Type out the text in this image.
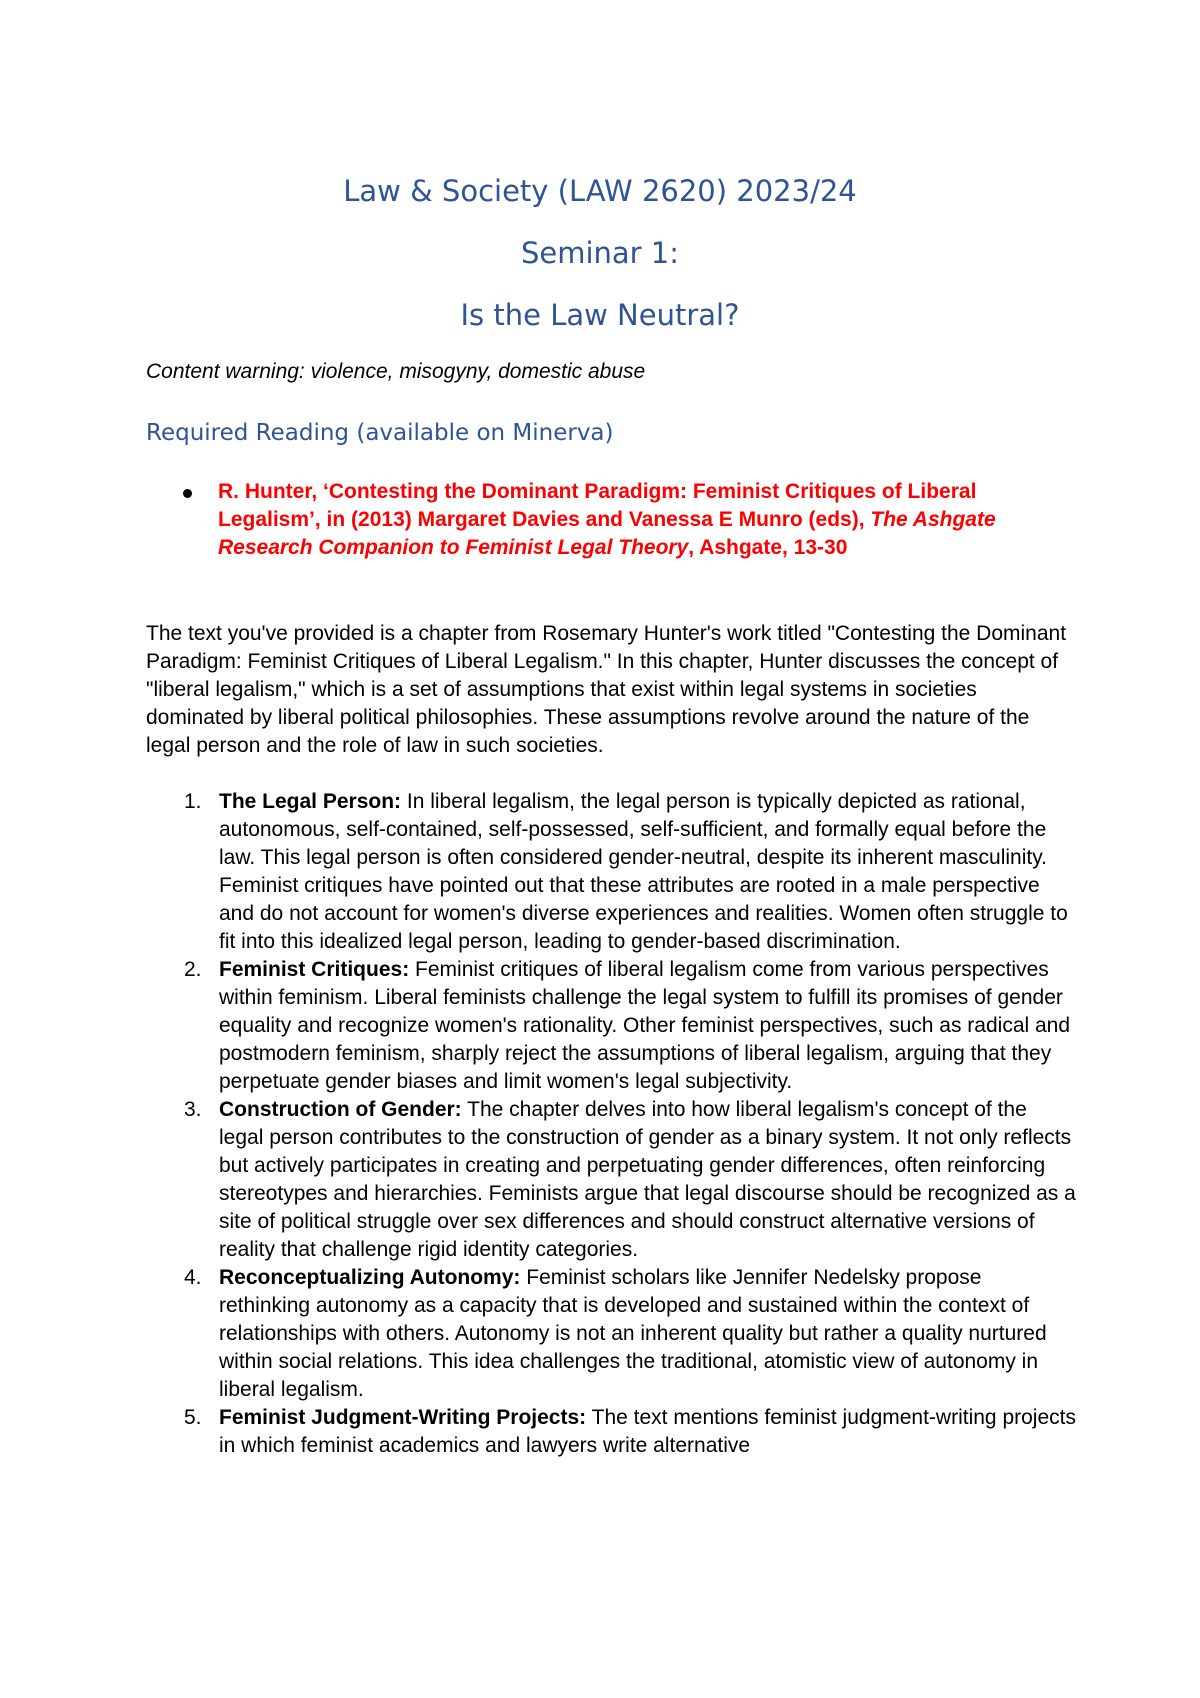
Law & Society (LAW 2620) 2023/24
Seminar 1:
Is the Law Neutral?
Content warning: violence, misogyny, domestic abuse
Required Reading (available on Minerva)
R. Hunter, ‘Contesting the Dominant Paradigm: Feminist Critiques of Liberal Legalism’, in (2013) Margaret Davies and Vanessa E Munro (eds), The Ashgate Research Companion to Feminist Legal Theory, Ashgate, 13-30
The text you've provided is a chapter from Rosemary Hunter's work titled "Contesting the Dominant Paradigm: Feminist Critiques of Liberal Legalism." In this chapter, Hunter discusses the concept of "liberal legalism," which is a set of assumptions that exist within legal systems in societies dominated by liberal political philosophies. These assumptions revolve around the nature of the legal person and the role of law in such societies.
1. The Legal Person: In liberal legalism, the legal person is typically depicted as rational, autonomous, self-contained, self-possessed, self-sufficient, and formally equal before the law. This legal person is often considered gender-neutral, despite its inherent masculinity. Feminist critiques have pointed out that these attributes are rooted in a male perspective and do not account for women's diverse experiences and realities. Women often struggle to fit into this idealized legal person, leading to gender-based discrimination.
2. Feminist Critiques: Feminist critiques of liberal legalism come from various perspectives within feminism. Liberal feminists challenge the legal system to fulfill its promises of gender equality and recognize women's rationality. Other feminist perspectives, such as radical and postmodern feminism, sharply reject the assumptions of liberal legalism, arguing that they perpetuate gender biases and limit women's legal subjectivity.
3. Construction of Gender: The chapter delves into how liberal legalism's concept of the legal person contributes to the construction of gender as a binary system. It not only reflects but actively participates in creating and perpetuating gender differences, often reinforcing stereotypes and hierarchies. Feminists argue that legal discourse should be recognized as a site of political struggle over sex differences and should construct alternative versions of reality that challenge rigid identity categories.
4. Reconceptualizing Autonomy: Feminist scholars like Jennifer Nedelsky propose rethinking autonomy as a capacity that is developed and sustained within the context of relationships with others. Autonomy is not an inherent quality but rather a quality nurtured within social relations. This idea challenges the traditional, atomistic view of autonomy in liberal legalism.
5. Feminist Judgment-Writing Projects: The text mentions feminist judgment-writing projects in which feminist academics and lawyers write alternative
